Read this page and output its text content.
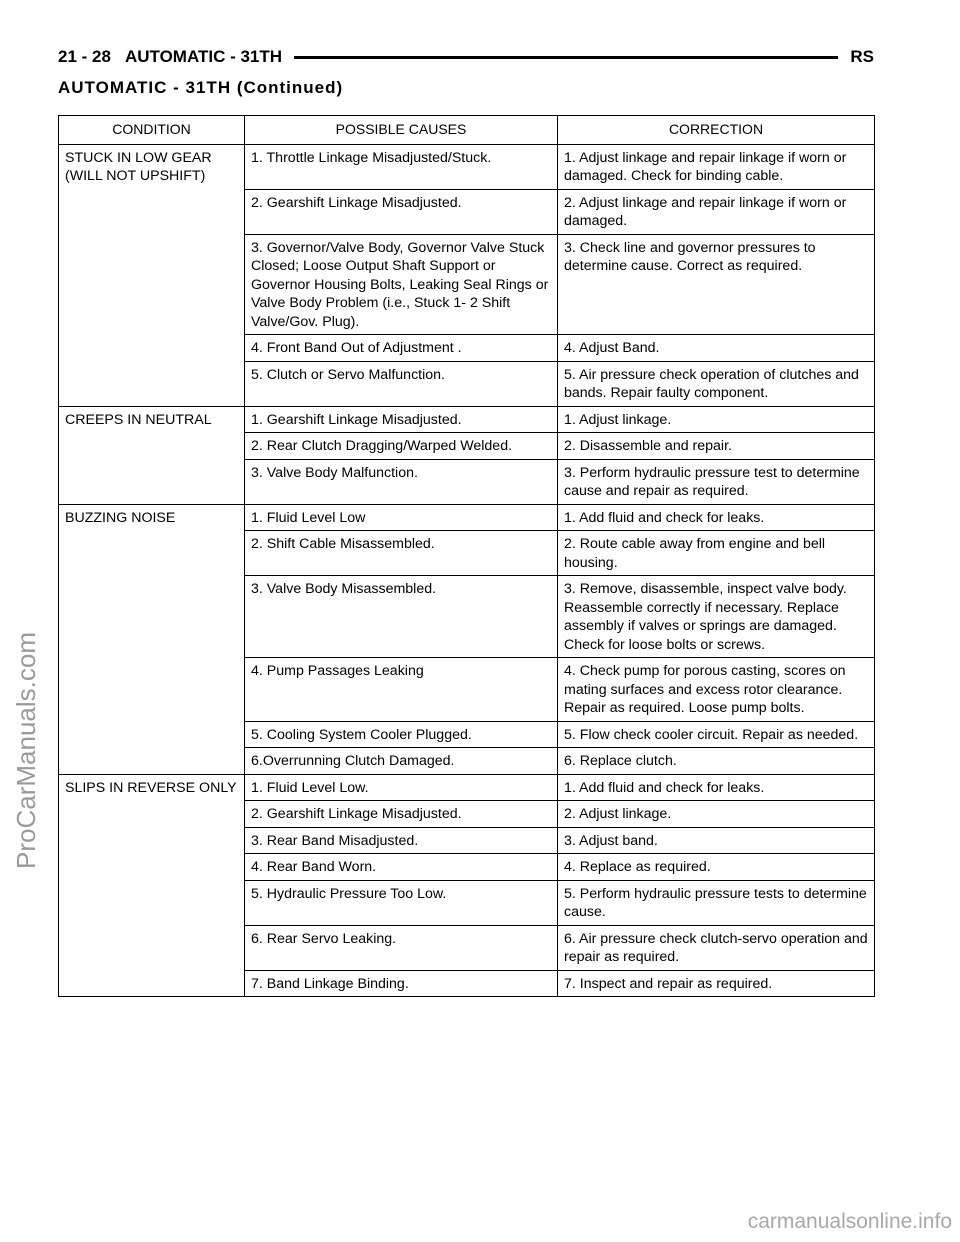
21 - 28 AUTOMATIC - 31TH	RS
AUTOMATIC - 31TH (Continued)
CONDITION	POSSIBLE CAUSES	CORRECTION
STUCK IN LOW GEAR (WILL NOT UPSHIFT)	1. Throttle Linkage Misadjusted/Stuck.	1. Adjust linkage and repair linkage if worn or damaged. Check for binding cable.
	2. Gearshift Linkage Misadjusted.	2. Adjust linkage and repair linkage if worn or damaged.
	3. Governor/Valve Body, Governor Valve Stuck Closed; Loose Output Shaft Support or Governor Housing Bolts, Leaking Seal Rings or Valve Body Problem (i.e., Stuck 1- 2 Shift Valve/Gov. Plug).	3. Check line and governor pressures to determine cause. Correct as required.
	4. Front Band Out of Adjustment .	4. Adjust Band.
	5. Clutch or Servo Malfunction.	5. Air pressure check operation of clutches and bands. Repair faulty component.
CREEPS IN NEUTRAL	1. Gearshift Linkage Misadjusted.	1. Adjust linkage.
	2. Rear Clutch Dragging/Warped Welded.	2. Disassemble and repair.
	3. Valve Body Malfunction.	3. Perform hydraulic pressure test to determine cause and repair as required.
BUZZING NOISE	1. Fluid Level Low	1. Add fluid and check for leaks.
	2. Shift Cable Misassembled.	2. Route cable away from engine and bell housing.
	3. Valve Body Misassembled.	3. Remove, disassemble, inspect valve body. Reassemble correctly if necessary. Replace assembly if valves or springs are damaged. Check for loose bolts or screws.
	4. Pump Passages Leaking	4. Check pump for porous casting, scores on mating surfaces and excess rotor clearance. Repair as required. Loose pump bolts.
	5. Cooling System Cooler Plugged.	5. Flow check cooler circuit. Repair as needed.
	6.Overrunning Clutch Damaged.	6. Replace clutch.
SLIPS IN REVERSE ONLY	1. Fluid Level Low.	1. Add fluid and check for leaks.
	2. Gearshift Linkage Misadjusted.	2. Adjust linkage.
	3. Rear Band Misadjusted.	3. Adjust band.
	4. Rear Band Worn.	4. Replace as required.
	5. Hydraulic Pressure Too Low.	5. Perform hydraulic pressure tests to determine cause.
	6. Rear Servo Leaking.	6. Air pressure check clutch-servo operation and repair as required.
	7. Band Linkage Binding.	7. Inspect and repair as required.
ProCarManuals.com
carmanualsonline.info
